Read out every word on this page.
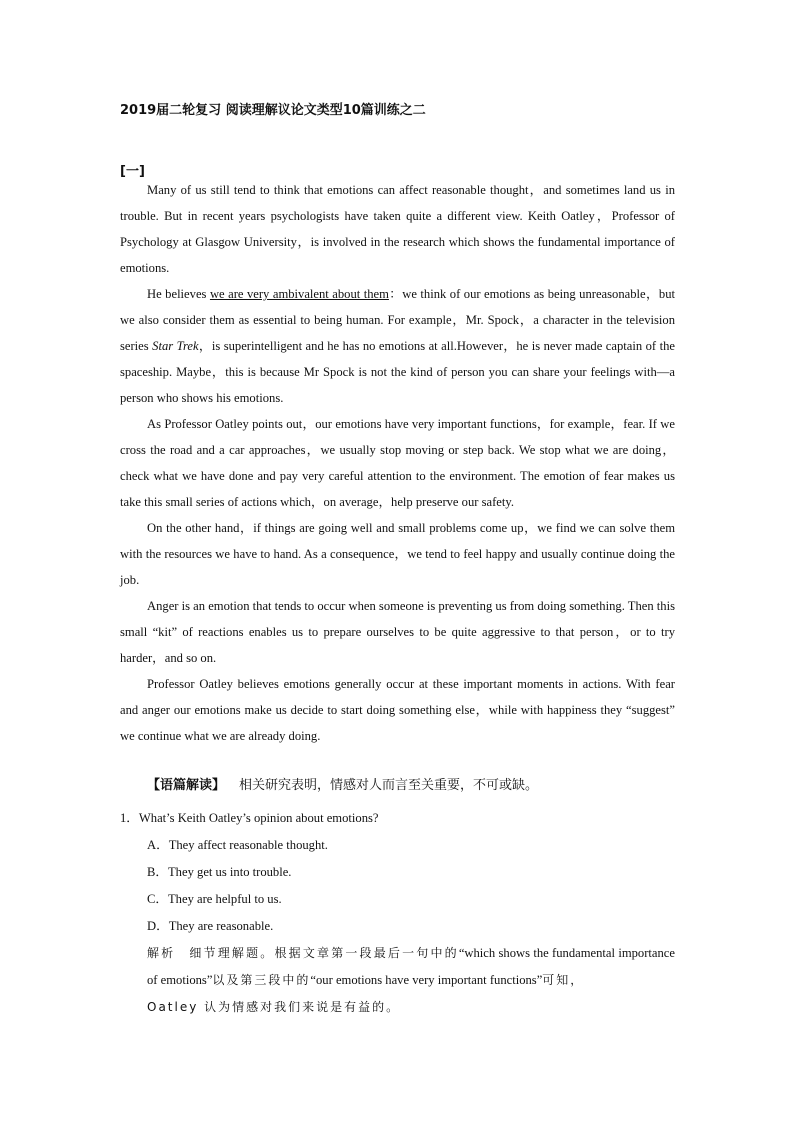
2019届二轮复习 阅读理解议论文类型10篇训练之二
[一]

Many of us still tend to think that emotions can affect reasonable thought，and sometimes land us in trouble. But in recent years psychologists have taken quite a different view. Keith Oatley，Professor of Psychology at Glasgow University，is involved in the research which shows the fundamental importance of emotions.

He believes we are very ambivalent about them：we think of our emotions as being unreasonable，but we also consider them as essential to being human. For example，Mr. Spock，a character in the television series Star Trek，is superintelligent and he has no emotions at all.However，he is never made captain of the spaceship. Maybe，this is because Mr Spock is not the kind of person you can share your feelings with—a person who shows his emotions.

As Professor Oatley points out，our emotions have very important functions，for example，fear. If we cross the road and a car approaches，we usually stop moving or step back. We stop what we are doing，check what we have done and pay very careful attention to the environment. The emotion of fear makes us take this small series of actions which，on average，help preserve our safety.

On the other hand，if things are going well and small problems come up，we find we can solve them with the resources we have to hand. As a consequence，we tend to feel happy and usually continue doing the job.

Anger is an emotion that tends to occur when someone is preventing us from doing something. Then this small “kit” of reactions enables us to prepare ourselves to be quite aggressive to that person，or to try harder，and so on.

Professor Oatley believes emotions generally occur at these important moments in actions. With fear and anger our emotions make us decide to start doing something else，while with happiness they “suggest” we continue what we are already doing.

【语篇解读】 相关研究表明，情感对人而言至关重要，不可或缺。
1．What’s Keith Oatley’s opinion about emotions?
A．They affect reasonable thought.
B．They get us into trouble.
C．They are helpful to us.
D．They are reasonable.
解析 细节理解题。根据文章第一段最后一句中的“which shows the fundamental importance of emotions”以及第三段中的“our emotions have very important functions”可知，
Oatley 认为情感对我们来说是有益的。
